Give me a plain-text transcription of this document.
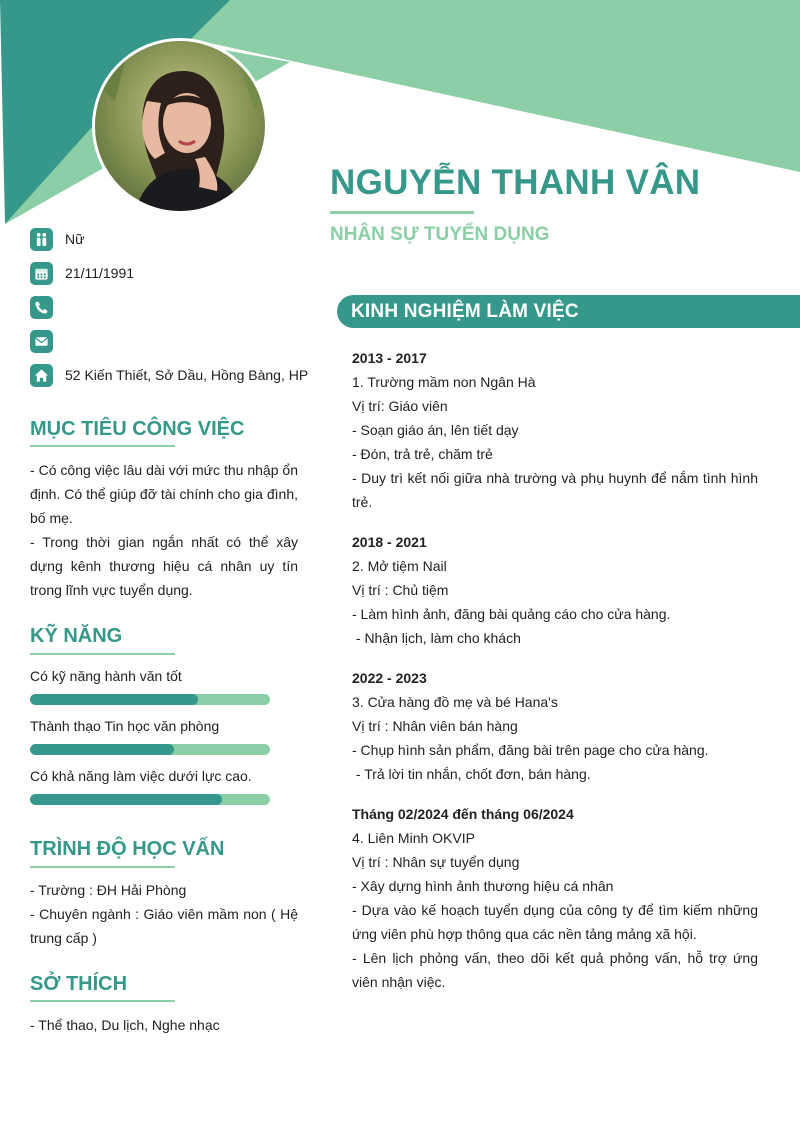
NGUYỄN THANH VÂN
NHÂN SỰ TUYỂN DỤNG
Nữ
21/11/1991
52 Kiến Thiết, Sở Dầu, Hồng Bàng, HP
MỤC TIÊU CÔNG VIỆC
- Có công việc lâu dài với mức thu nhập ổn định. Có thể giúp đỡ tài chính cho gia đình, bố mẹ.
- Trong thời gian ngắn nhất có thể xây dựng kênh thương hiệu cá nhân uy tín trong lĩnh vực tuyển dụng.
KỸ NĂNG
Có kỹ năng hành văn tốt
Thành thạo Tin học văn phòng
Có khả năng làm việc dưới lực cao.
TRÌNH ĐỘ HỌC VẤN
- Trường : ĐH Hải Phòng
- Chuyên ngành : Giáo viên mầm non ( Hệ trung cấp )
SỞ THÍCH
- Thể thao, Du lịch, Nghe nhạc
KINH NGHIỆM LÀM VIỆC
2013 - 2017
1. Trường mầm non Ngân Hà
Vị trí: Giáo viên
- Soạn giáo án, lên tiết dạy
- Đón, trả trẻ, chăm trẻ
- Duy trì kết nối giữa nhà trường và phụ huynh để nắm tình hình trẻ.
2018 - 2021
2. Mở tiệm Nail
Vị trí : Chủ tiệm
- Làm hình ảnh, đăng bài quảng cáo cho cửa hàng.
- Nhận lịch, làm cho khách
2022 - 2023
3. Cửa hàng đồ mẹ và bé Hana's
Vị trí : Nhân viên bán hàng
- Chụp hình sản phẩm, đăng bài trên page cho cửa hàng.
- Trả lời tin nhắn, chốt đơn, bán hàng.
Tháng 02/2024 đến tháng 06/2024
4. Liên Minh OKVIP
Vị trí : Nhân sự tuyển dụng
- Xây dựng hình ảnh thương hiệu cá nhân
- Dựa vào kế hoạch tuyển dụng của công ty để tìm kiếm những ứng viên phù hợp thông qua các nền tảng mảng xã hội.
- Lên lịch phỏng vấn, theo dõi kết quả phỏng vấn, hỗ trợ ứng viên nhận việc.
